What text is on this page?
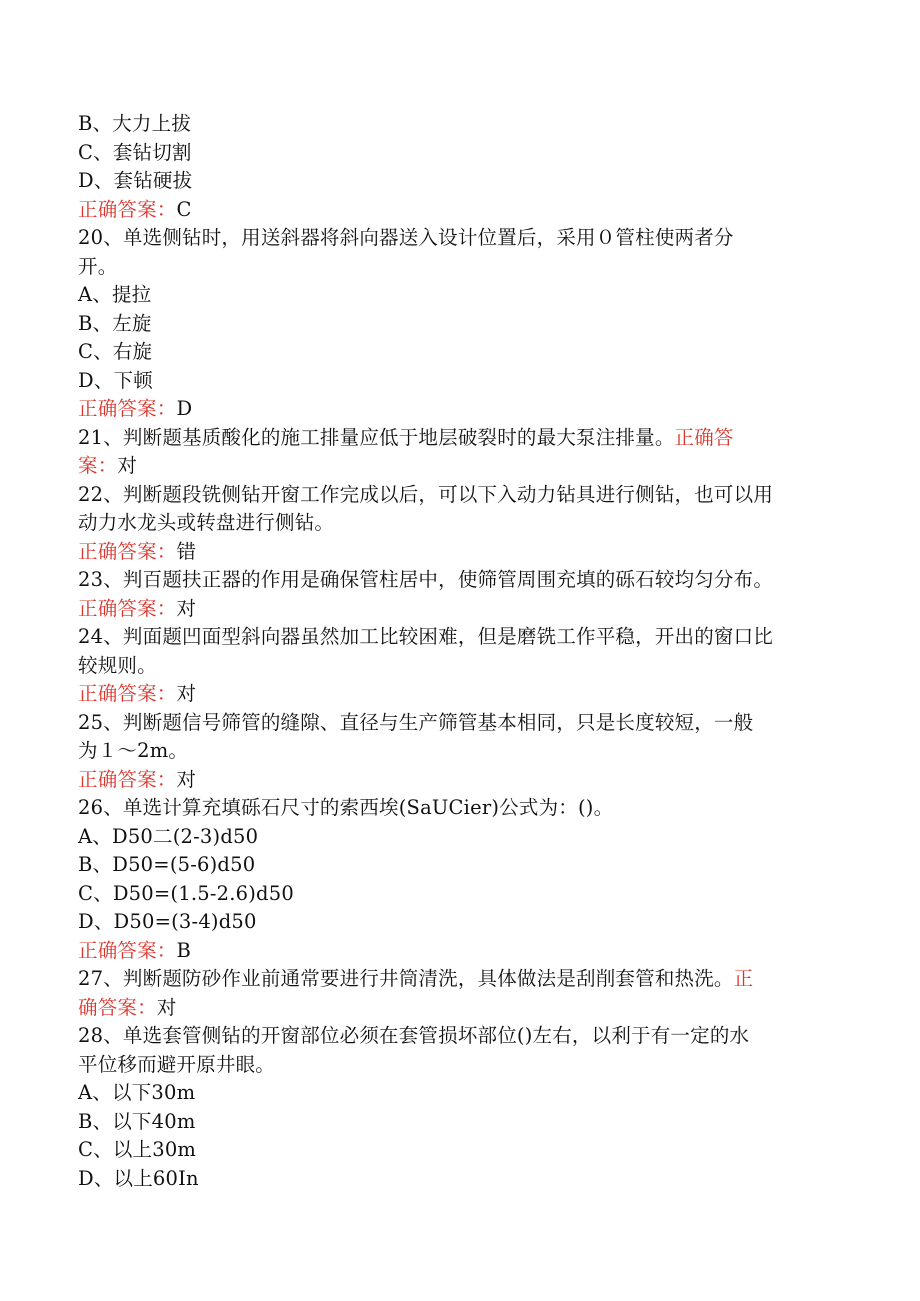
B、大力上拔
C、套钻切割
D、套钻硬拔
正确答案：C
20、单选侧钻时，用送斜器将斜向器送入设计位置后，采用０管柱使两者分
开。
A、提拉
B、左旋
C、右旋
D、下顿
正确答案：D
21、判断题基质酸化的施工排量应低于地层破裂时的最大泵注排量。正确答
案：对
22、判断题段铣侧钻开窗工作完成以后，可以下入动力钻具进行侧钻，也可以用
动力水龙头或转盘进行侧钻。
正确答案：错
23、判百题扶正器的作用是确保管柱居中，使筛管周围充填的砾石较均匀分布。
正确答案：对
24、判面题凹面型斜向器虽然加工比较困难，但是磨铣工作平稳，开出的窗口比
较规则。
正确答案：对
25、判断题信号筛管的缝隙、直径与生产筛管基本相同，只是长度较短，一般
为１～2m。
正确答案：对
26、单选计算充填砾石尺寸的索西埃(SaUCier)公式为：()。
A、D50二(2-3)d50
B、D50=(5-6)d50
C、D50=(1.5-2.6)d50
D、D50=(3-4)d50
正确答案：B
27、判断题防砂作业前通常要进行井筒清洗，具体做法是刮削套管和热洗。正
确答案：对
28、单选套管侧钻的开窗部位必须在套管损坏部位()左右，以利于有一定的水
平位移而避开原井眼。
A、以下30m
B、以下40m
C、以上30m
D、以上60In
